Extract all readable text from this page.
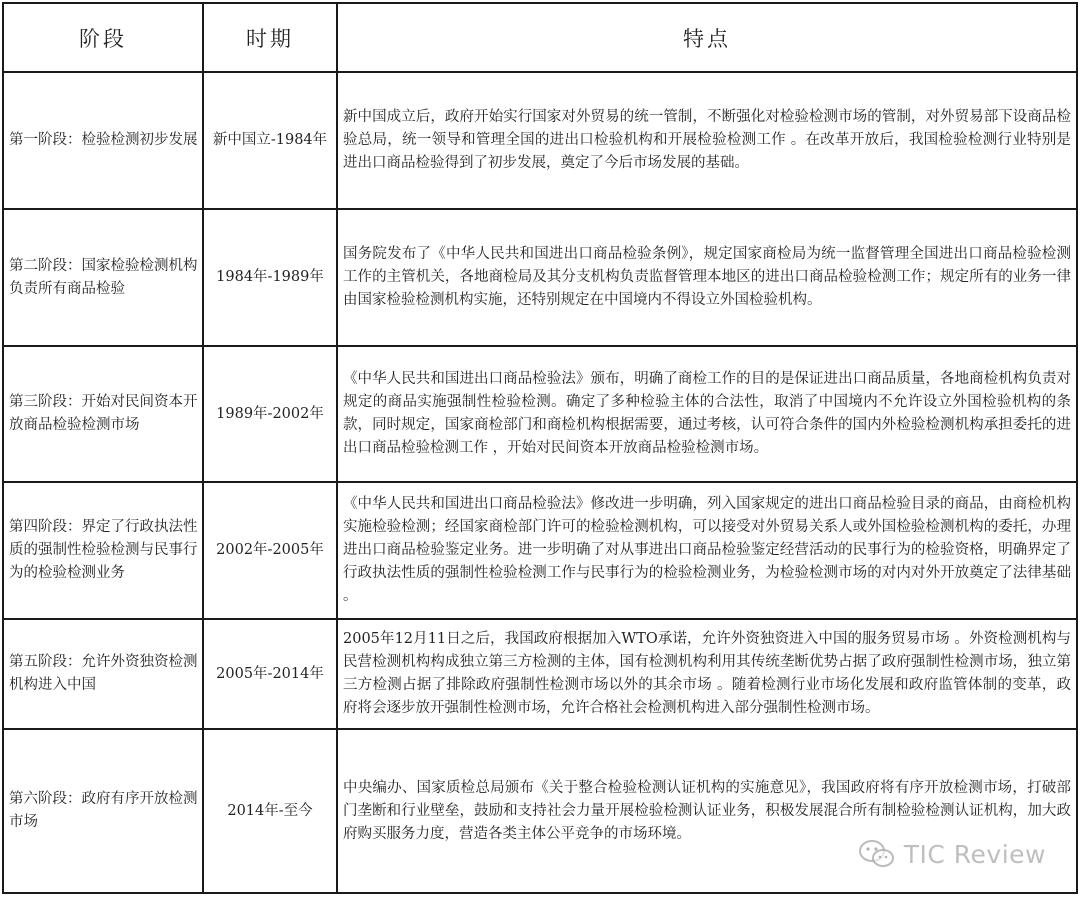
阶段	时期	特点
第一阶段：检验检测初步发展	新中国立-1984年	新中国成立后，政府开始实行国家对外贸易的统一管制，不断强化对检验检测市场的管制，对外贸易部下设商品检验总局，统一领导和管理全国的进出口检验机构和开展检验检测工作 。在改革开放后，我国检验检测行业特别是进出口商品检验得到了初步发展，奠定了今后市场发展的基础。
第二阶段：国家检验检测机构负责所有商品检验	1984年-1989年	国务院发布了《中华人民共和国进出口商品检验条例》，规定国家商检局为统一监督管理全国进出口商品检验检测工作的主管机关，各地商检局及其分支机构负责监督管理本地区的进出口商品检验检测工作；规定所有的业务一律由国家检验检测机构实施，还特别规定在中国境内不得设立外国检验机构。
第三阶段：开始对民间资本开放商品检验检测市场	1989年-2002年	《中华人民共和国进出口商品检验法》颁布，明确了商检工作的目的是保证进出口商品质量，各地商检机构负责对规定的商品实施强制性检验检测。确定了多种检验主体的合法性，取消了中国境内不允许设立外国检验机构的条款，同时规定，国家商检部门和商检机构根据需要，通过考核，认可符合条件的国内外检验检测机构承担委托的进出口商品检验检测工作 ，开始对民间资本开放商品检验检测市场。
第四阶段：界定了行政执法性质的强制性检验检测与民事行为的检验检测业务	2002年-2005年	《中华人民共和国进出口商品检验法》修改进一步明确，列入国家规定的进出口商品检验目录的商品，由商检机构实施检验检测；经国家商检部门许可的检验检测机构，可以接受对外贸易关系人或外国检验检测机构的委托，办理进出口商品检验鉴定业务。进一步明确了对从事进出口商品检验鉴定经营活动的民事行为的检验资格，明确界定了行政执法性质的强制性检验检测工作与民事行为的检验检测业务，为检验检测市场的对内对外开放奠定了法律基础 。
第五阶段：允许外资独资检测机构进入中国	2005年-2014年	2005年12月11日之后，我国政府根据加入WTO承诺，允许外资独资进入中国的服务贸易市场 。外资检测机构与民营检测机构构成独立第三方检测的主体，国有检测机构利用其传统垄断优势占据了政府强制性检测市场，独立第三方检测占据了排除政府强制性检测市场以外的其余市场 。随着检测行业市场化发展和政府监管体制的变革，政府将会逐步放开强制性检测市场，允许合格社会检测机构进入部分强制性检测市场。
第六阶段：政府有序开放检测市场	2014年-至今	中央编办、国家质检总局颁布《关于整合检验检测认证机构的实施意见》，我国政府将有序开放检测市场，打破部门垄断和行业壁垒，鼓励和支持社会力量开展检验检测认证业务，积极发展混合所有制检验检测认证机构，加大政府购买服务力度，营造各类主体公平竞争的市场环境。
TIC Review
